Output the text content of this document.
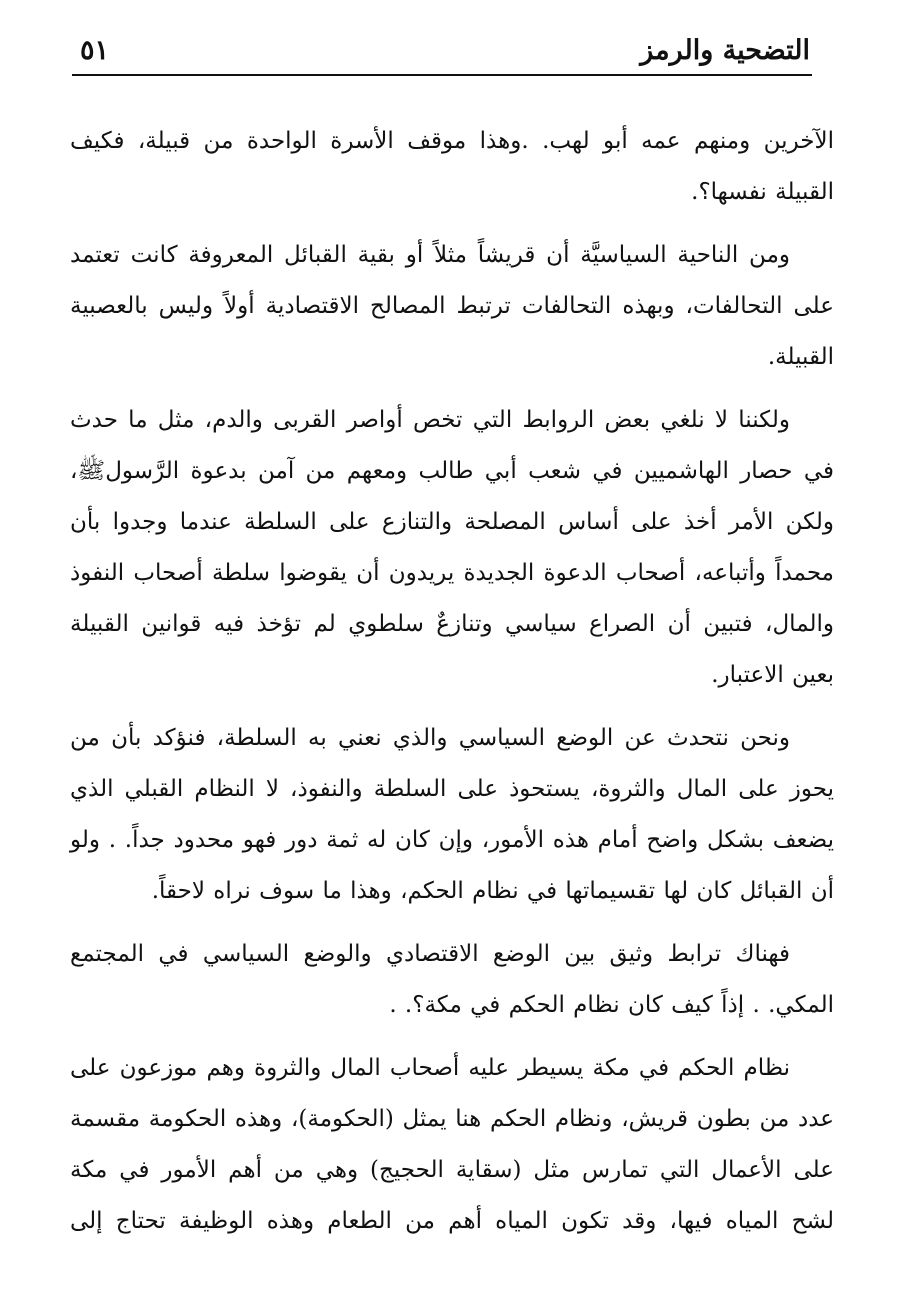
التضحية والرمز
٥١

الآخرين ومنهم عمه أبو لهب. .وهذا موقف الأسرة الواحدة من قبيلة، فكيف القبيلة نفسها؟.

ومن الناحية السياسيَّة أن قريشاً مثلاً أو بقية القبائل المعروفة كانت تعتمد على التحالفات، وبهذه التحالفات ترتبط المصالح الاقتصادية أولاً وليس بالعصبية القبيلة.

ولكننا لا نلغي بعض الروابط التي تخص أواصر القربى والدم، مثل ما حدث في حصار الهاشميين في شعب أبي طالب ومعهم من آمن بدعوة الرَّسولﷺ، ولكن الأمر أخذ على أساس المصلحة والتنازع على السلطة عندما وجدوا بأن محمداً وأتباعه، أصحاب الدعوة الجديدة يريدون أن يقوضوا سلطة أصحاب النفوذ والمال، فتبين أن الصراع سياسي وتنازعٌ سلطوي لم تؤخذ فيه قوانين القبيلة بعين الاعتبار.

ونحن نتحدث عن الوضع السياسي والذي نعني به السلطة، فنؤكد بأن من يحوز على المال والثروة، يستحوذ على السلطة والنفوذ، لا النظام القبلي الذي يضعف بشكل واضح أمام هذه الأمور، وإن كان له ثمة دور فهو محدود جداً. . ولو أن القبائل كان لها تقسيماتها في نظام الحكم، وهذا ما سوف نراه لاحقاً.

فهناك ترابط وثيق بين الوضع الاقتصادي والوضع السياسي في المجتمع المكي. . إذاً كيف كان نظام الحكم في مكة؟. .

نظام الحكم في مكة يسيطر عليه أصحاب المال والثروة وهم موزعون على عدد من بطون قريش، ونظام الحكم هنا يمثل (الحكومة)، وهذه الحكومة مقسمة على الأعمال التي تمارس مثل (سقاية الحجيج) وهي من أهم الأمور في مكة لشح المياه فيها، وقد تكون المياه أهم من الطعام وهذه الوظيفة تحتاج إلى
